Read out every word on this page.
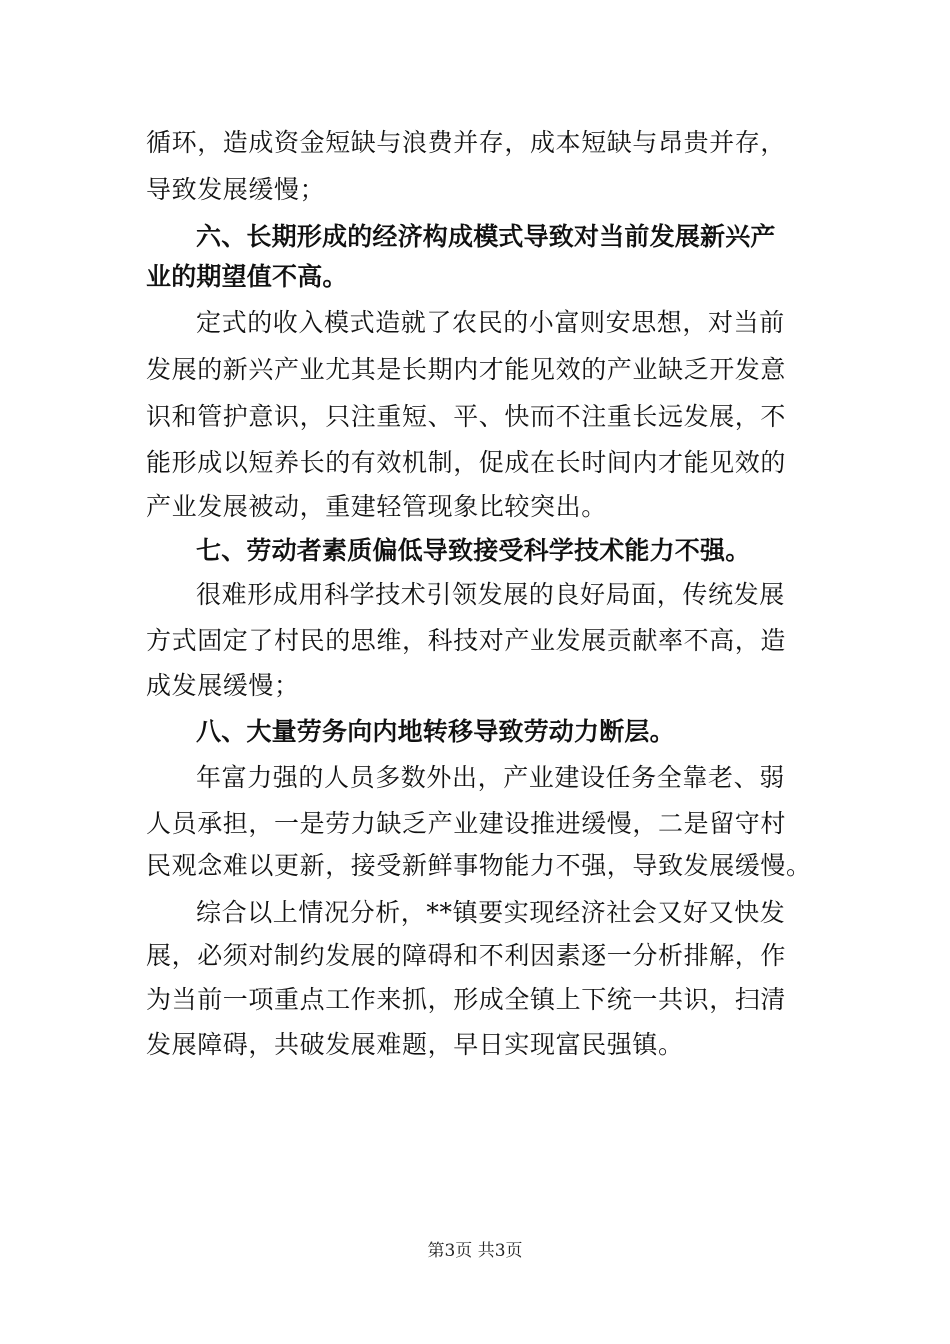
循环，造成资金短缺与浪费并存，成本短缺与昂贵并存，
导致发展缓慢；
六、长期形成的经济构成模式导致对当前发展新兴产
业的期望值不高。
定式的收入模式造就了农民的小富则安思想，对当前
发展的新兴产业尤其是长期内才能见效的产业缺乏开发意
识和管护意识，只注重短、平、快而不注重长远发展，不
能形成以短养长的有效机制，促成在长时间内才能见效的
产业发展被动，重建轻管现象比较突出。
七、劳动者素质偏低导致接受科学技术能力不强。
很难形成用科学技术引领发展的良好局面，传统发展
方式固定了村民的思维，科技对产业发展贡献率不高，造
成发展缓慢；
八、大量劳务向内地转移导致劳动力断层。
年富力强的人员多数外出，产业建设任务全靠老、弱
人员承担，一是劳力缺乏产业建设推进缓慢，二是留守村
民观念难以更新，接受新鲜事物能力不强，导致发展缓慢。
综合以上情况分析，**镇要实现经济社会又好又快发
展，必须对制约发展的障碍和不利因素逐一分析排解，作
为当前一项重点工作来抓，形成全镇上下统一共识，扫清
发展障碍，共破发展难题，早日实现富民强镇。
第3页 共3页
